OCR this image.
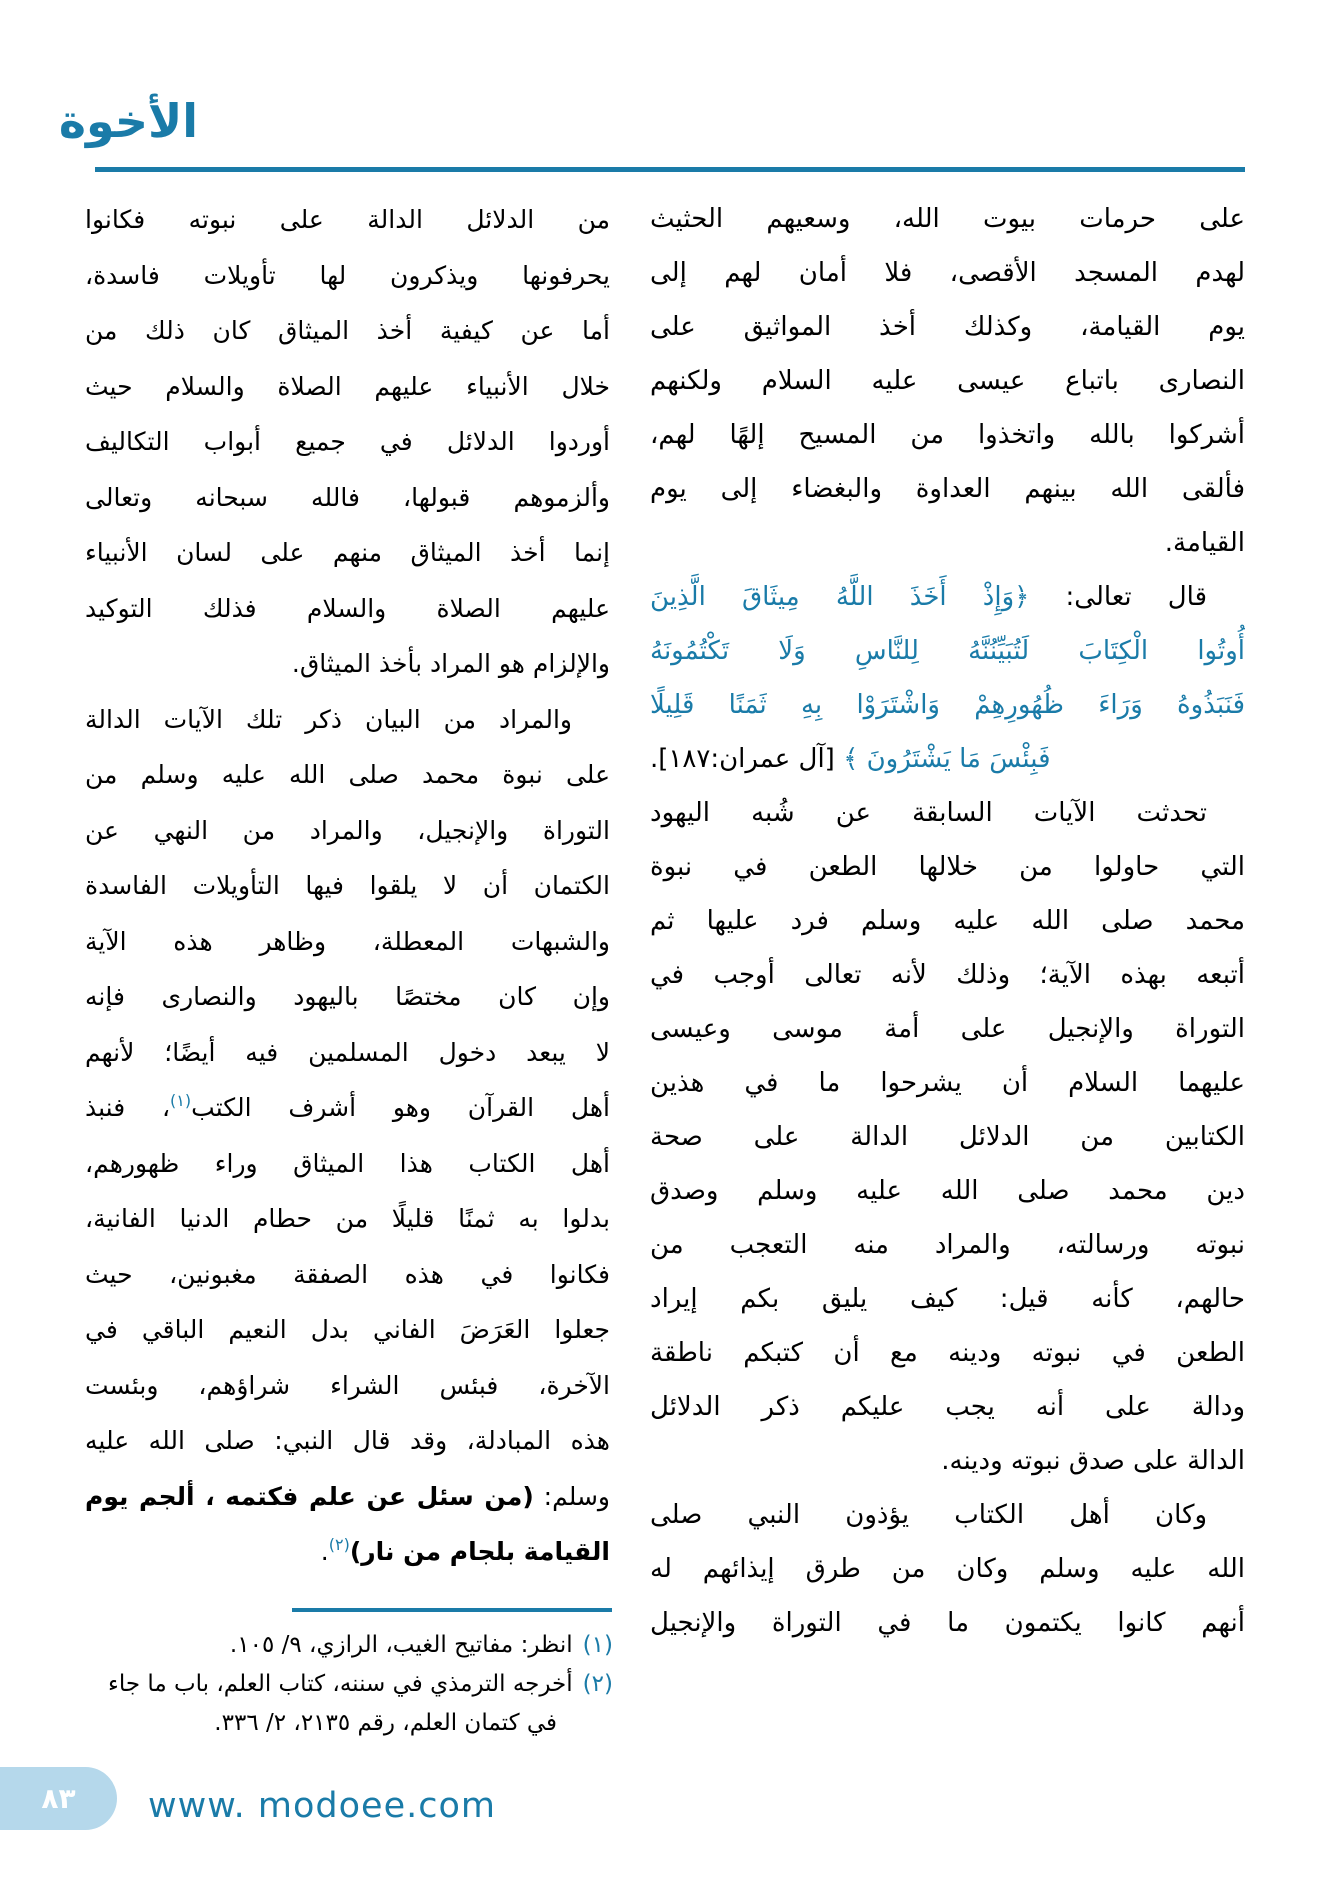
الأخوة
على حرمات بيوت الله، وسعيهم الحثيث
لهدم المسجد الأقصى، فلا أمان لهم إلى
يوم القيامة، وكذلك أخذ المواثيق على
النصارى باتباع عيسى عليه السلام ولكنهم
أشركوا بالله واتخذوا من المسيح إلهًا لهم،
فألقى الله بينهم العداوة والبغضاء إلى يوم
القيامة.
قال تعالى: ﴿وَإِذْ أَخَذَ اللَّهُ مِيثَاقَ الَّذِينَ
أُوتُوا الْكِتَابَ لَتُبَيِّنُنَّهُ لِلنَّاسِ وَلَا تَكْتُمُونَهُ
فَنَبَذُوهُ وَرَاءَ ظُهُورِهِمْ وَاشْتَرَوْا بِهِ ثَمَنًا قَلِيلًا
فَبِئْسَ مَا يَشْتَرُونَ ﴾ [آل عمران:١٨٧].
تحدثت الآيات السابقة عن شُبه اليهود
التي حاولوا من خلالها الطعن في نبوة
محمد صلى الله عليه وسلم فرد عليها ثم
أتبعه بهذه الآية؛ وذلك لأنه تعالى أوجب في
التوراة والإنجيل على أمة موسى وعيسى
عليهما السلام أن يشرحوا ما في هذين
الكتابين من الدلائل الدالة على صحة
دين محمد صلى الله عليه وسلم وصدق
نبوته ورسالته، والمراد منه التعجب من
حالهم، كأنه قيل: كيف يليق بكم إيراد
الطعن في نبوته ودينه مع أن كتبكم ناطقة
ودالة على أنه يجب عليكم ذكر الدلائل
الدالة على صدق نبوته ودينه.
وكان أهل الكتاب يؤذون النبي صلى
الله عليه وسلم وكان من طرق إيذائهم له
أنهم كانوا يكتمون ما في التوراة والإنجيل
من الدلائل الدالة على نبوته فكانوا
يحرفونها ويذكرون لها تأويلات فاسدة،
أما عن كيفية أخذ الميثاق كان ذلك من
خلال الأنبياء عليهم الصلاة والسلام حيث
أوردوا الدلائل في جميع أبواب التكاليف
وألزموهم قبولها، فالله سبحانه وتعالى
إنما أخذ الميثاق منهم على لسان الأنبياء
عليهم الصلاة والسلام فذلك التوكيد
والإلزام هو المراد بأخذ الميثاق.
والمراد من البيان ذكر تلك الآيات الدالة
على نبوة محمد صلى الله عليه وسلم من
التوراة والإنجيل، والمراد من النهي عن
الكتمان أن لا يلقوا فيها التأويلات الفاسدة
والشبهات المعطلة، وظاهر هذه الآية
وإن كان مختصًا باليهود والنصارى فإنه
لا يبعد دخول المسلمين فيه أيضًا؛ لأنهم
أهل القرآن وهو أشرف الكتب$^{(١)}$، فنبذ
أهل الكتاب هذا الميثاق وراء ظهورهم،
بدلوا به ثمنًا قليلًا من حطام الدنيا الفانية،
فكانوا في هذه الصفقة مغبونين، حيث
جعلوا العَرَضَ الفاني بدل النعيم الباقي في
الآخرة، فبئس الشراء شراؤهم، وبئست
هذه المبادلة، وقد قال النبي: صلى الله عليه
وسلم: (من سئل عن علم فكتمه ، ألجم يوم
القيامة بلجام من نار)$^{(٢)}$.
(١)انظر: مفاتيح الغيب، الرازي، ٩/ ١٠٥.
(٢)أخرجه الترمذي في سننه، كتاب العلم، باب ما جاء في كتمان العلم، رقم ٢١٣٥، ٢/ ٣٣٦.
٨٣	www. modoee.com
